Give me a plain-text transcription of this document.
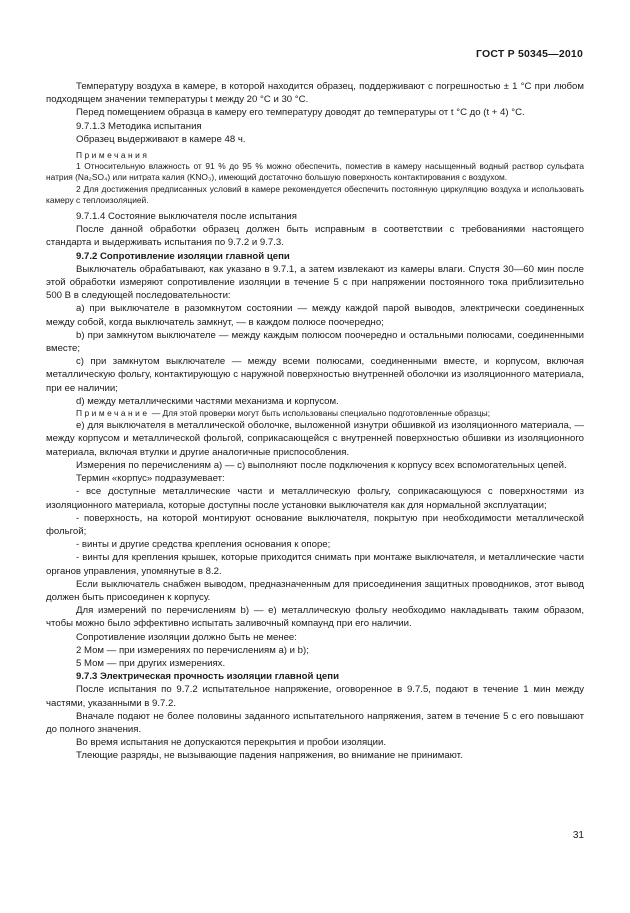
ГОСТ Р 50345—2010

Температуру воздуха в камере, в которой находится образец, поддерживают с погрешностью ± 1 °С при любом подходящем значении температуры t между 20 °С и 30 °С.

Перед помещением образца в камеру его температуру доводят до температуры от t °С до (t + 4) °С.

9.7.1.3 Методика испытания

Образец выдерживают в камере 48 ч.

Примечания

1 Относительную влажность от 91 % до 95 % можно обеспечить, поместив в камеру насыщенный водный раствор сульфата натрия (Na₂SO₄) или нитрата калия (KNO₃), имеющий достаточно большую поверхность контактирования с воздухом.

2 Для достижения предписанных условий в камере рекомендуется обеспечить постоянную циркуляцию воздуха и использовать камеру с теплоизоляцией.

9.7.1.4 Состояние выключателя после испытания

После данной обработки образец должен быть исправным в соответствии с требованиями настоящего стандарта и выдерживать испытания по 9.7.2 и 9.7.3.

9.7.2 Сопротивление изоляции главной цепи

Выключатель обрабатывают, как указано в 9.7.1, а затем извлекают из камеры влаги. Спустя 30—60 мин после этой обработки измеряют сопротивление изоляции в течение 5 с при напряжении постоянного тока приблизительно 500 В в следующей последовательности:

а) при выключателе в разомкнутом состоянии — между каждой парой выводов, электрически соединенных между собой, когда выключатель замкнут, — в каждом полюсе поочередно;

b) при замкнутом выключателе — между каждым полюсом поочередно и остальными полюсами, соединенными вместе;

с) при замкнутом выключателе — между всеми полюсами, соединенными вместе, и корпусом, включая металлическую фольгу, контактирующую с наружной поверхностью внутренней оболочки из изоляционного материала, при ее наличии;

d) между металлическими частями механизма и корпусом.

Примечание — Для этой проверки могут быть использованы специально подготовленные образцы;

е) для выключателя в металлической оболочке, выложенной изнутри обшивкой из изоляционного материала, — между корпусом и металлической фольгой, соприкасающейся с внутренней поверхностью обшивки из изоляционного материала, включая втулки и другие аналогичные приспособления.

Измерения по перечислениям а) — с) выполняют после подключения к корпусу всех вспомогательных цепей.

Термин «корпус» подразумевает:

- все доступные металлические части и металлическую фольгу, соприкасающуюся с поверхностями из изоляционного материала, которые доступны после установки выключателя как для нормальной эксплуатации;

- поверхность, на которой монтируют основание выключателя, покрытую при необходимости металлической фольгой;

- винты и другие средства крепления основания к опоре;

- винты для крепления крышек, которые приходится снимать при монтаже выключателя, и металлические части органов управления, упомянутые в 8.2.

Если выключатель снабжен выводом, предназначенным для присоединения защитных проводников, этот вывод должен быть присоединен к корпусу.

Для измерений по перечислениям b) — е) металлическую фольгу необходимо накладывать таким образом, чтобы можно было эффективно испытать заливочный компаунд при его наличии.

Сопротивление изоляции должно быть не менее:

2 Мом — при измерениях по перечислениям а) и b);

5 Мом — при других измерениях.

9.7.3 Электрическая прочность изоляции главной цепи

После испытания по 9.7.2 испытательное напряжение, оговоренное в 9.7.5, подают в течение 1 мин между частями, указанными в 9.7.2.

Вначале подают не более половины заданного испытательного напряжения, затем в течение 5 с его повышают до полного значения.

Во время испытания не допускаются перекрытия и пробои изоляции.

Тлеющие разряды, не вызывающие падения напряжения, во внимание не принимают.

31
